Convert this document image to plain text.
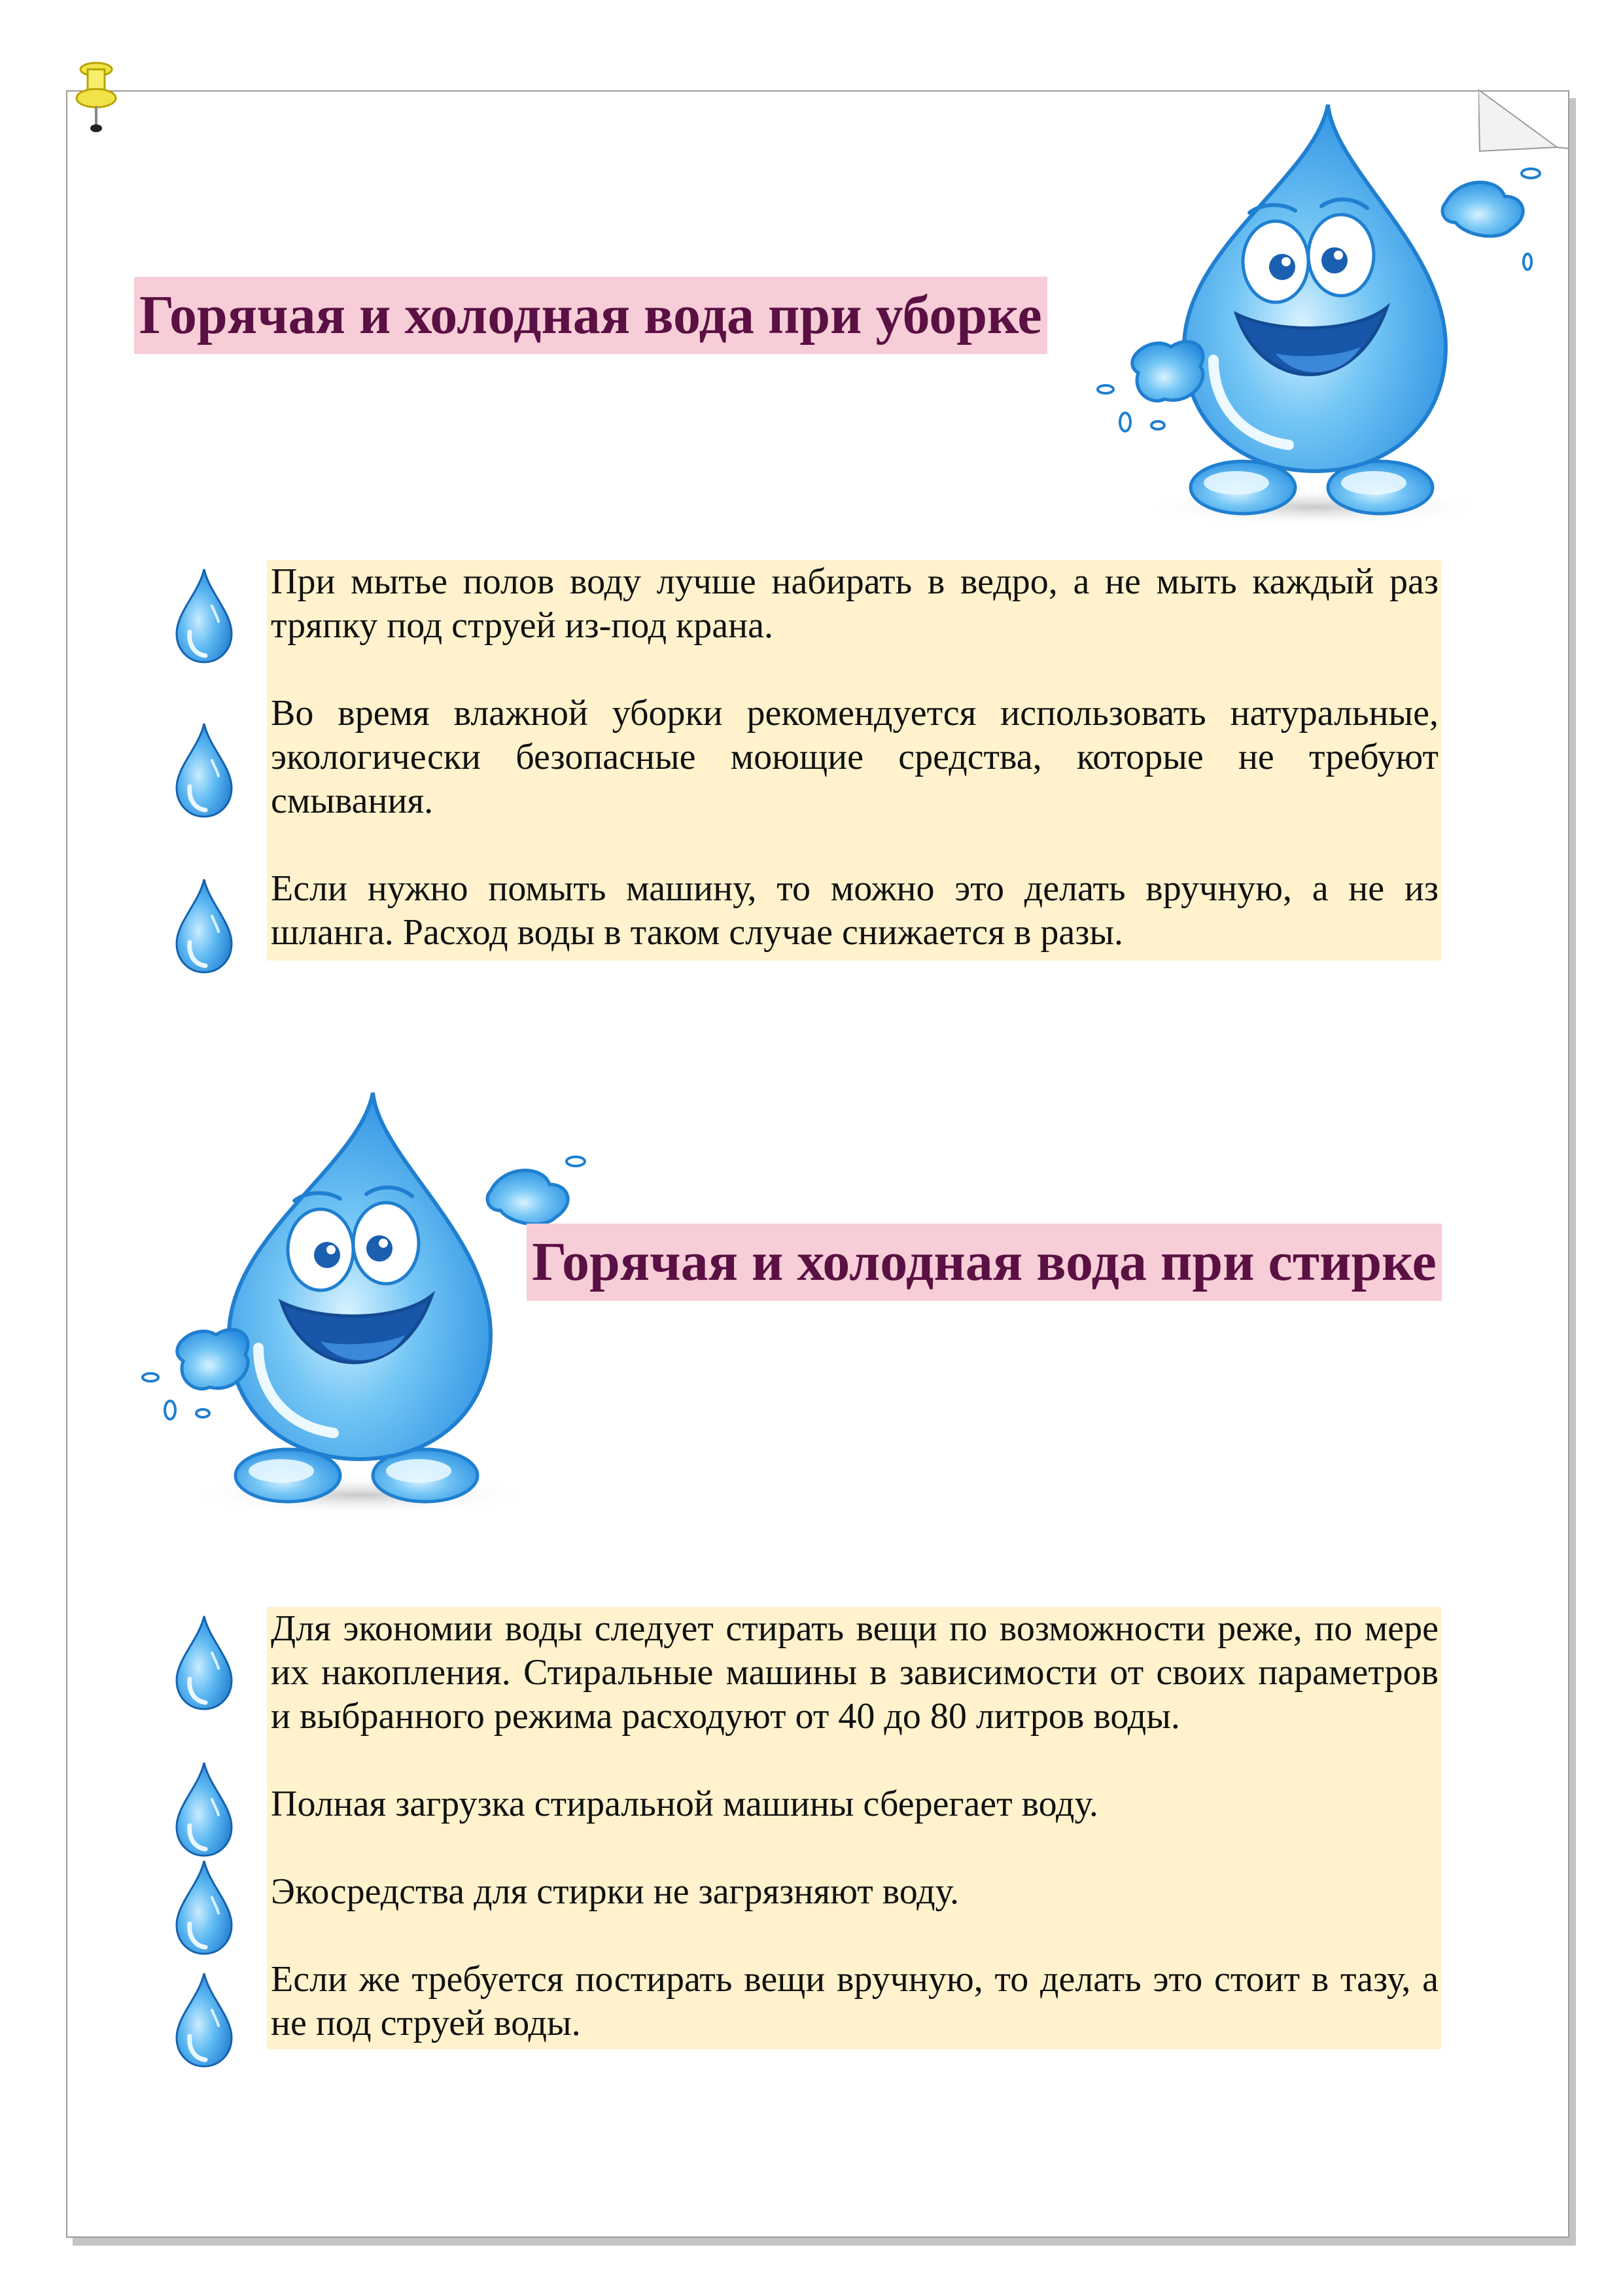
Горячая и холодная вода при уборке
Горячая и холодная вода при стирке

При мытье полов воду лучше набирать в ведро, а не мыть каждый раз тряпку под струей из-под крана.

Во время влажной уборки рекомендуется использовать натуральные, экологически безопасные моющие средства, которые не требуют смывания.

Если нужно помыть машину, то можно это делать вручную, а не из шланга. Расход воды в таком случае снижается в разы.

Для экономии воды следует стирать вещи по возможности реже, по мере их накопления. Стиральные машины в зависимости от своих параметров и выбранного режима расходуют от 40 до 80 литров воды.

Полная загрузка стиральной машины сберегает воду.

Экосредства для стирки не загрязняют воду.

Если же требуется постирать вещи вручную, то делать это стоит в тазу, а не под струей воды.
